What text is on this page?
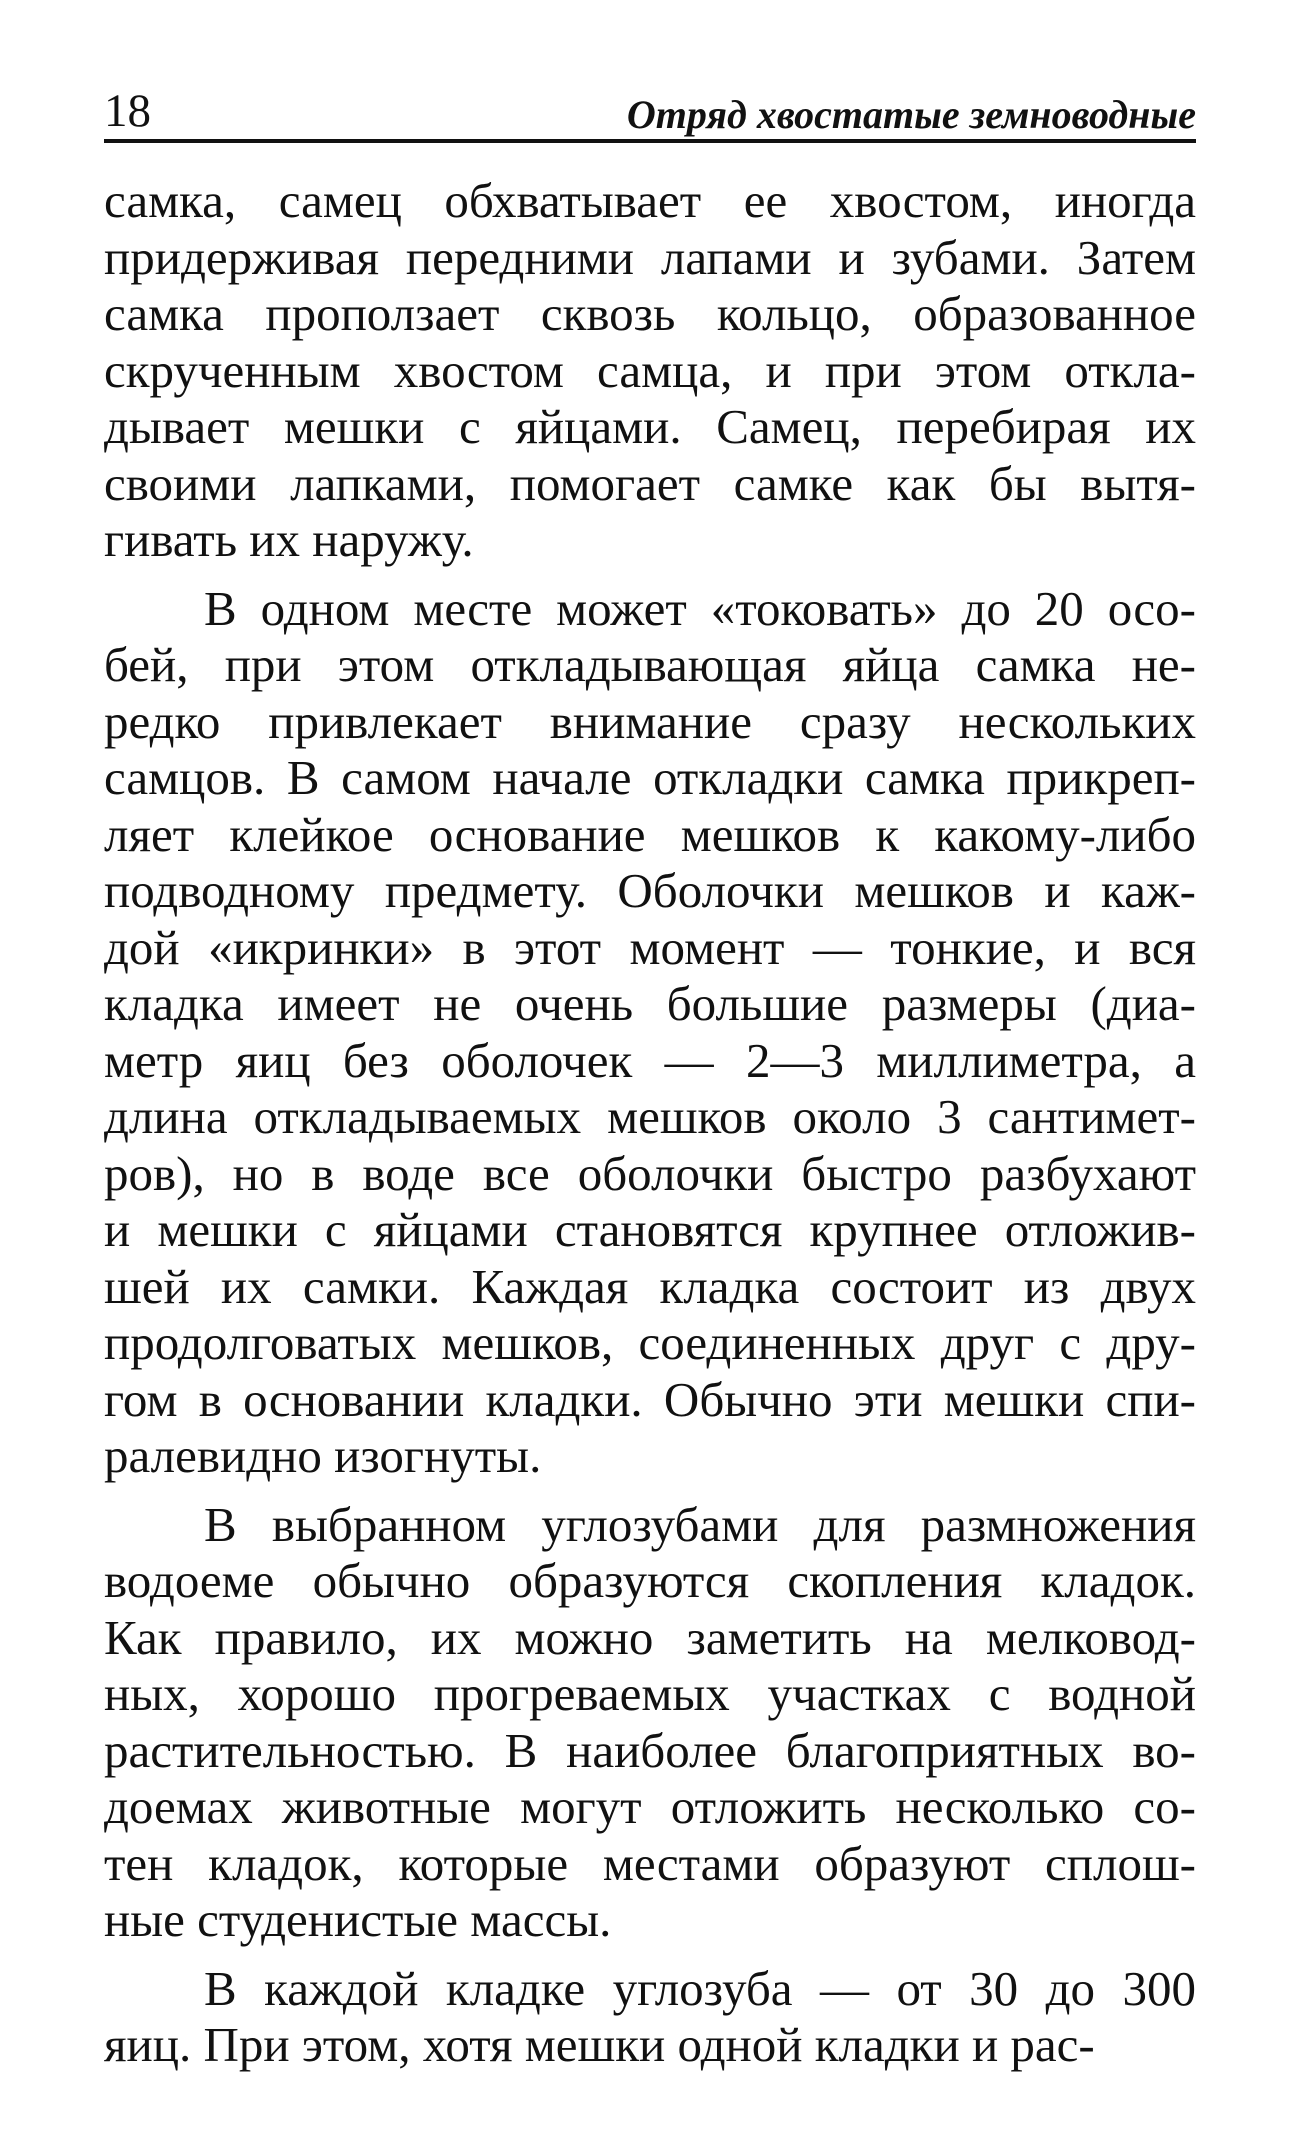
18	Отряд хвостатые земноводные

самка, самец обхватывает ее хвостом, иногда
придерживая передними лапами и зубами. Затем
самка проползает сквозь кольцо, образованное
скрученным хвостом самца, и при этом откла-
дывает мешки с яйцами. Самец, перебирая их
своими лапками, помогает самке как бы вытя-
гивать их наружу.

В одном месте может «токовать» до 20 осо-
бей, при этом откладывающая яйца самка не-
редко привлекает внимание сразу нескольких
самцов. В самом начале откладки самка прикреп-
ляет клейкое основание мешков к какому-либо
подводному предмету. Оболочки мешков и каж-
дой «икринки» в этот момент — тонкие, и вся
кладка имеет не очень большие размеры (диа-
метр яиц без оболочек — 2—3 миллиметра, а
длина откладываемых мешков около 3 сантимет-
ров), но в воде все оболочки быстро разбухают
и мешки с яйцами становятся крупнее отложив-
шей их самки. Каждая кладка состоит из двух
продолговатых мешков, соединенных друг с дру-
гом в основании кладки. Обычно эти мешки спи-
ралевидно изогнуты.

В выбранном углозубами для размножения
водоеме обычно образуются скопления кладок.
Как правило, их можно заметить на мелковод-
ных, хорошо прогреваемых участках с водной
растительностью. В наиболее благоприятных во-
доемах животные могут отложить несколько со-
тен кладок, которые местами образуют сплош-
ные студенистые массы.

В каждой кладке углозуба — от 30 до 300
яиц. При этом, хотя мешки одной кладки и рас-
